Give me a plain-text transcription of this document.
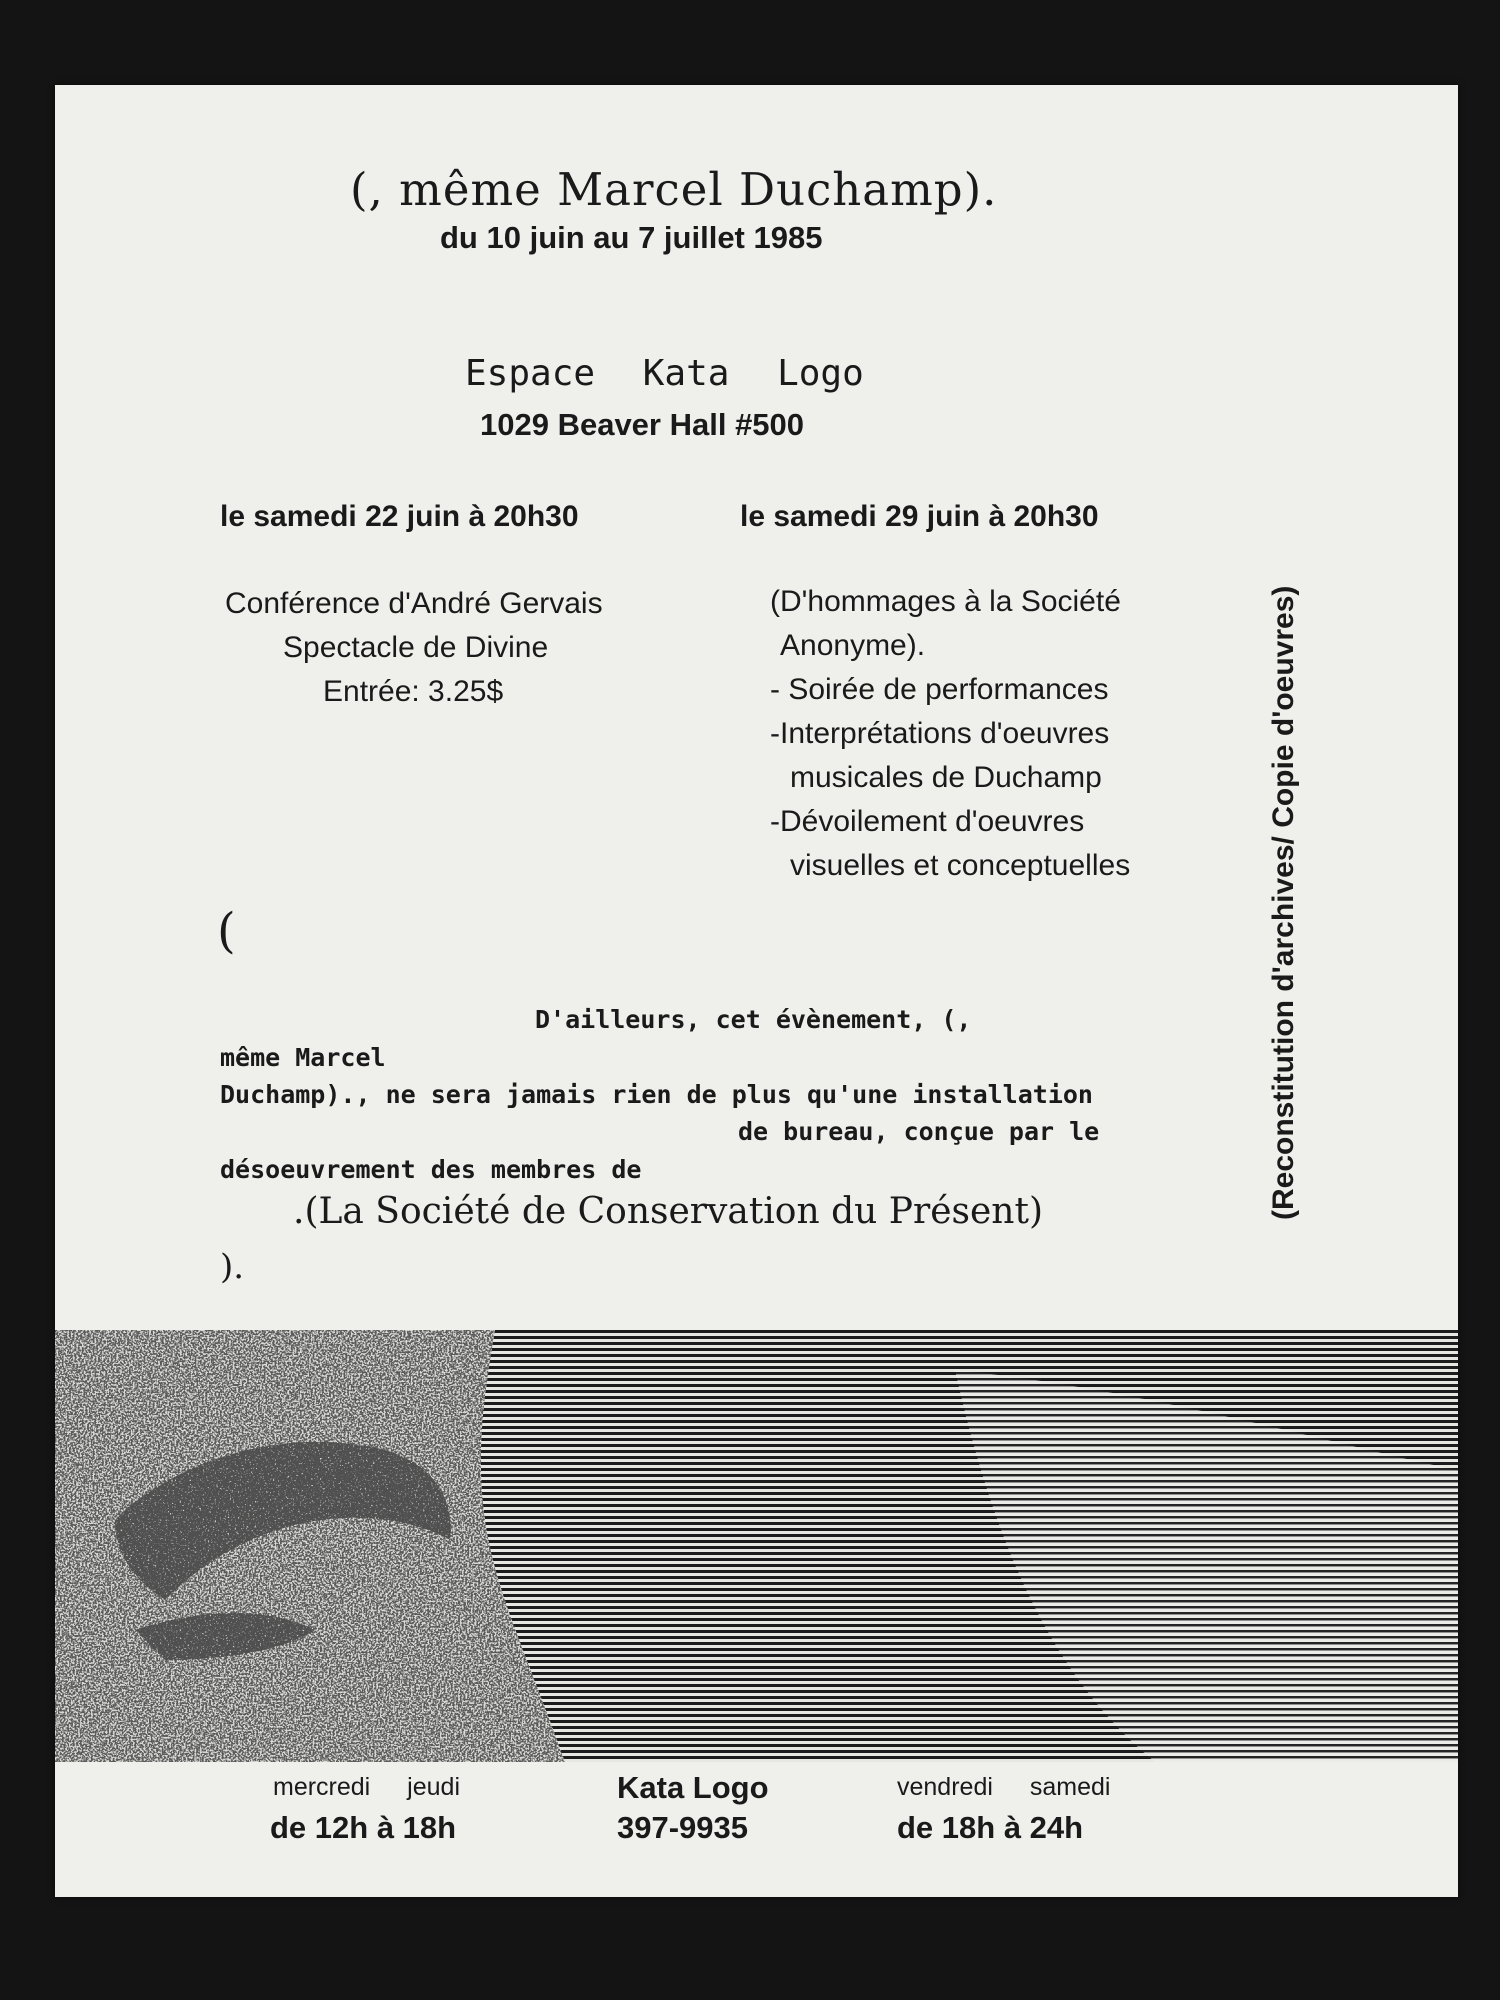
(, même Marcel Duchamp).
du 10 juin au 7 juillet 1985
Espace Kata Logo
1029 Beaver Hall #500
le samedi 22 juin à 20h30	le samedi 29 juin à 20h30
Conférence d'André Gervais
Spectacle de Divine
Entrée: 3.25$
(D'hommages à la Société
Anonyme).
- Soirée de performances
-Interprétations d'oeuvres
musicales de Duchamp
-Dévoilement d'oeuvres
visuelles et conceptuelles
(
D'ailleurs, cet évènement, (,
même Marcel
Duchamp)., ne sera jamais rien de plus qu'une installation
de bureau, conçue par le
désoeuvrement des membres de
.(La Société de Conservation du Présent)
).
(Reconstitution d'archives/ Copie d'oeuvres)
mercredi jeudi
de 12h à 18h
Kata Logo
397-9935
vendredi samedi
de 18h à 24h
